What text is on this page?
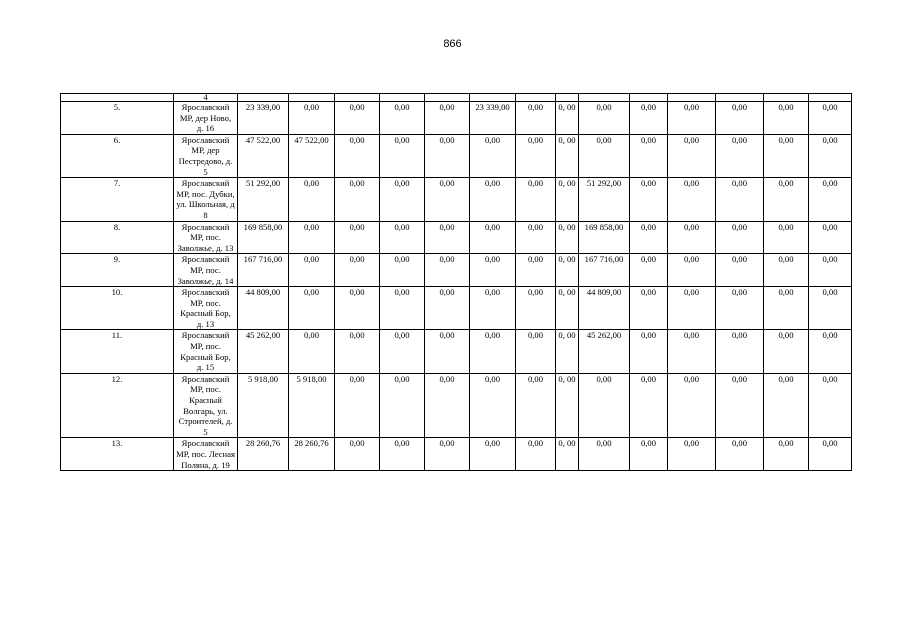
866
	4														
5.	Ярославский МР, дер Ново, д. 16	23 339,00	0,00	0,00	0,00	0,00	23 339,00	0,00	0, 00	0,00	0,00	0,00	0,00	0,00	0,00
6.	Ярославский МР, дер Пестредово, д. 5	47 522,00	47 522,00	0,00	0,00	0,00	0,00	0,00	0, 00	0,00	0,00	0,00	0,00	0,00	0,00
7.	Ярославский МР, пос. Дубки, ул. Школьная, д 8	51 292,00	0,00	0,00	0,00	0,00	0,00	0,00	0, 00	51 292,00	0,00	0,00	0,00	0,00	0,00
8.	Ярославский МР, пос. Заволжье, д. 13	169 858,00	0,00	0,00	0,00	0,00	0,00	0,00	0, 00	169 858,00	0,00	0,00	0,00	0,00	0,00
9.	Ярославский МР, пос. Заволжье, д. 14	167 716,00	0,00	0,00	0,00	0,00	0,00	0,00	0, 00	167 716,00	0,00	0,00	0,00	0,00	0,00
10.	Ярославский МР, пос. Красный Бор, д. 13	44 809,00	0,00	0,00	0,00	0,00	0,00	0,00	0, 00	44 809,00	0,00	0,00	0,00	0,00	0,00
11.	Ярославский МР, пос. Красный Бор, д. 15	45 262,00	0,00	0,00	0,00	0,00	0,00	0,00	0, 00	45 262,00	0,00	0,00	0,00	0,00	0,00
12.	Ярославский МР, пос. Красный Волгарь, ул. Строителей, д. 5	5 918,00	5 918,00	0,00	0,00	0,00	0,00	0,00	0, 00	0,00	0,00	0,00	0,00	0,00	0,00
13.	Ярославский МР, пос. Лесная Поляна, д. 19	28 260,76	28 260,76	0,00	0,00	0,00	0,00	0,00	0, 00	0,00	0,00	0,00	0,00	0,00	0,00
